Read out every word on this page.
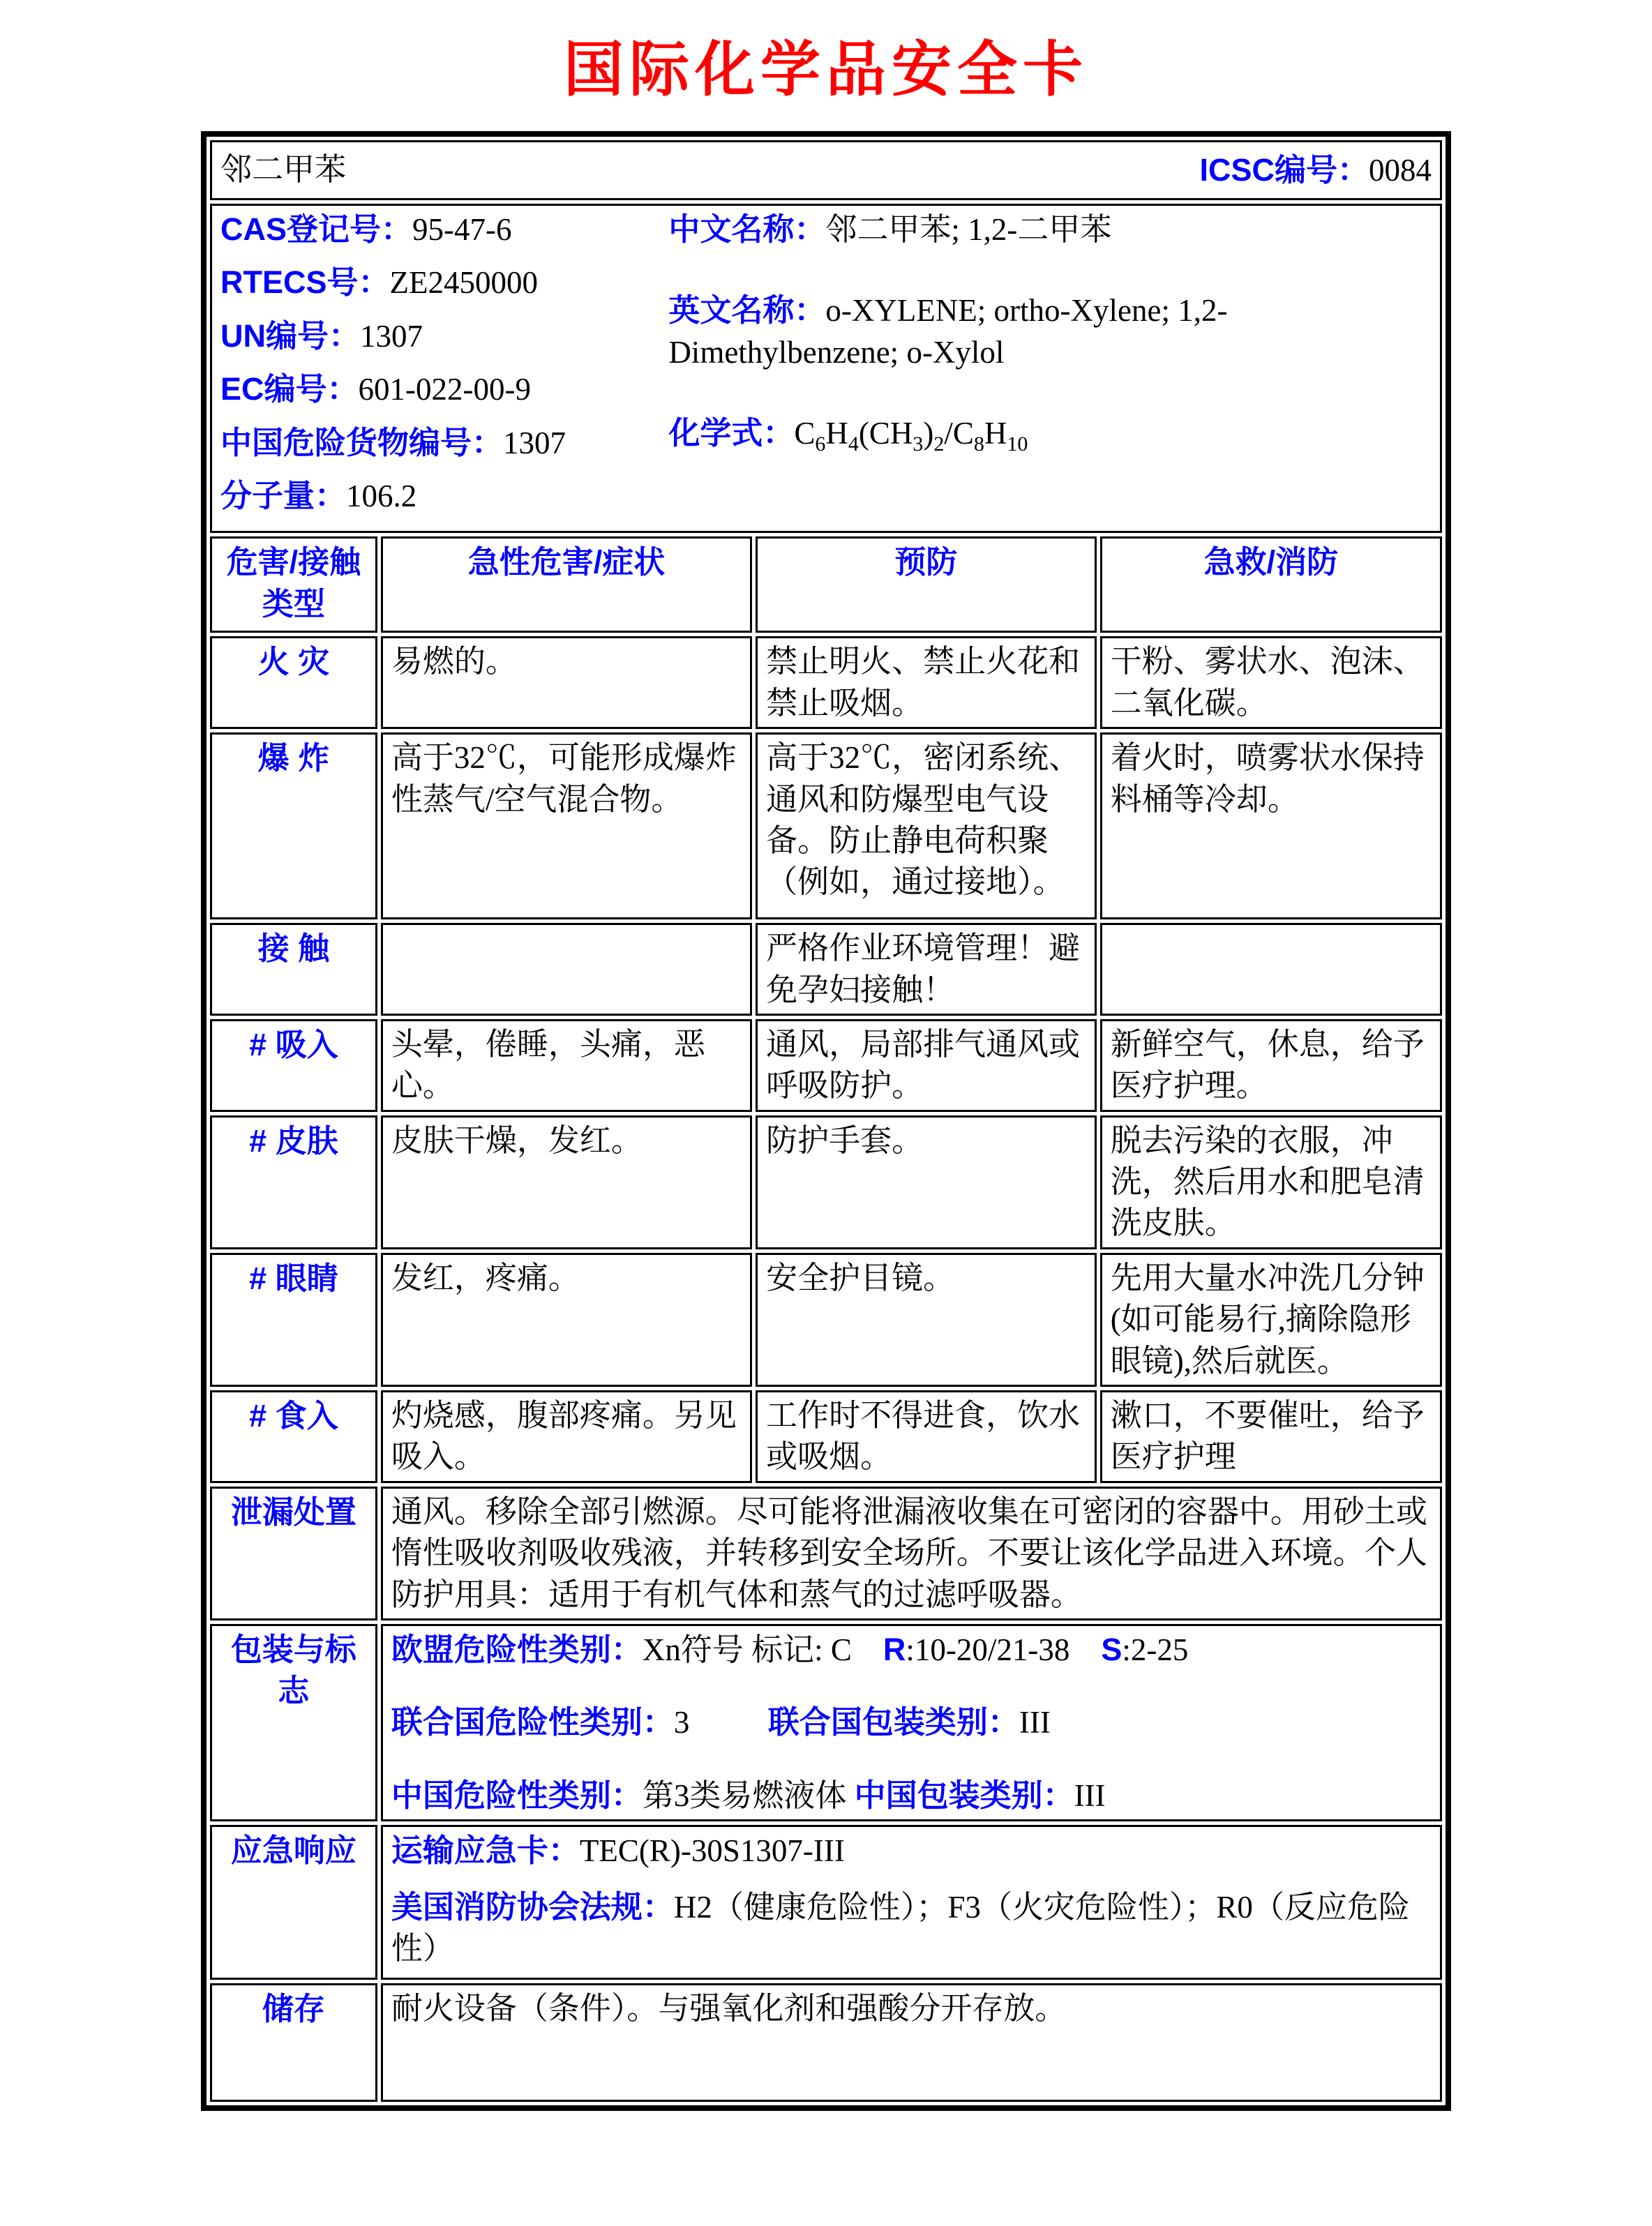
国际化学品安全卡
邻二甲苯 ICSC编号：0084			

CAS登记号：95-47-6
RTECS号：ZE2450000
UN编号：1307
EC编号：601-022-00-9
中国危险货物编号：1307
分子量：106.2
中文名称：邻二甲苯; 1,2-二甲苯
英文名称：o-XYLENE; ortho-Xylene; 1,2-Dimethylbenzene; o-Xylol
化学式：$C_6H_4(CH_3)_2/C_8H_{10}$

危害/接触类型	急性危害/症状	预防	急救/消防
火 灾	易燃的。	禁止明火、禁止火花和禁止吸烟。	干粉、雾状水、泡沫、二氧化碳。
爆 炸	高于32℃，可能形成爆炸性蒸气/空气混合物。	高于32℃，密闭系统、通风和防爆型电气设备。防止静电荷积聚（例如，通过接地）。	着火时，喷雾状水保持料桶等冷却。
接 触		严格作业环境管理！避免孕妇接触！	
# 吸入	头晕，倦睡，头痛，恶心。	通风，局部排气通风或呼吸防护。	新鲜空气，休息，给予医疗护理。
# 皮肤	皮肤干燥，发红。	防护手套。	脱去污染的衣服，冲洗，然后用水和肥皂清洗皮肤。
# 眼睛	发红，疼痛。	安全护目镜。	先用大量水冲洗几分钟(如可能易行,摘除隐形眼镜),然后就医。
# 食入	灼烧感，腹部疼痛。另见吸入。	工作时不得进食，饮水或吸烟。	漱口，不要催吐，给予医疗护理
泄漏处置	通风。移除全部引燃源。尽可能将泄漏液收集在可密闭的容器中。用砂土或惰性吸收剂吸收残液，并转移到安全场所。不要让该化学品进入环境。个人防护用具：适用于有机气体和蒸气的过滤呼吸器。		
包装与标志	欧盟危险性类别：Xn符号 标记: C    R:10-20/21-38    S:2-25
联合国危险性类别：3          联合国包装类别：III
中国危险性类别：第3类易燃液体 中国包装类别：III		

应急响应	运输应急卡：TEC(R)-30S1307-III
美国消防协会法规：H2（健康危险性）；F3（火灾危险性）；R0（反应危险性）		

储存	耐火设备（条件）。与强氧化剂和强酸分开存放。		
